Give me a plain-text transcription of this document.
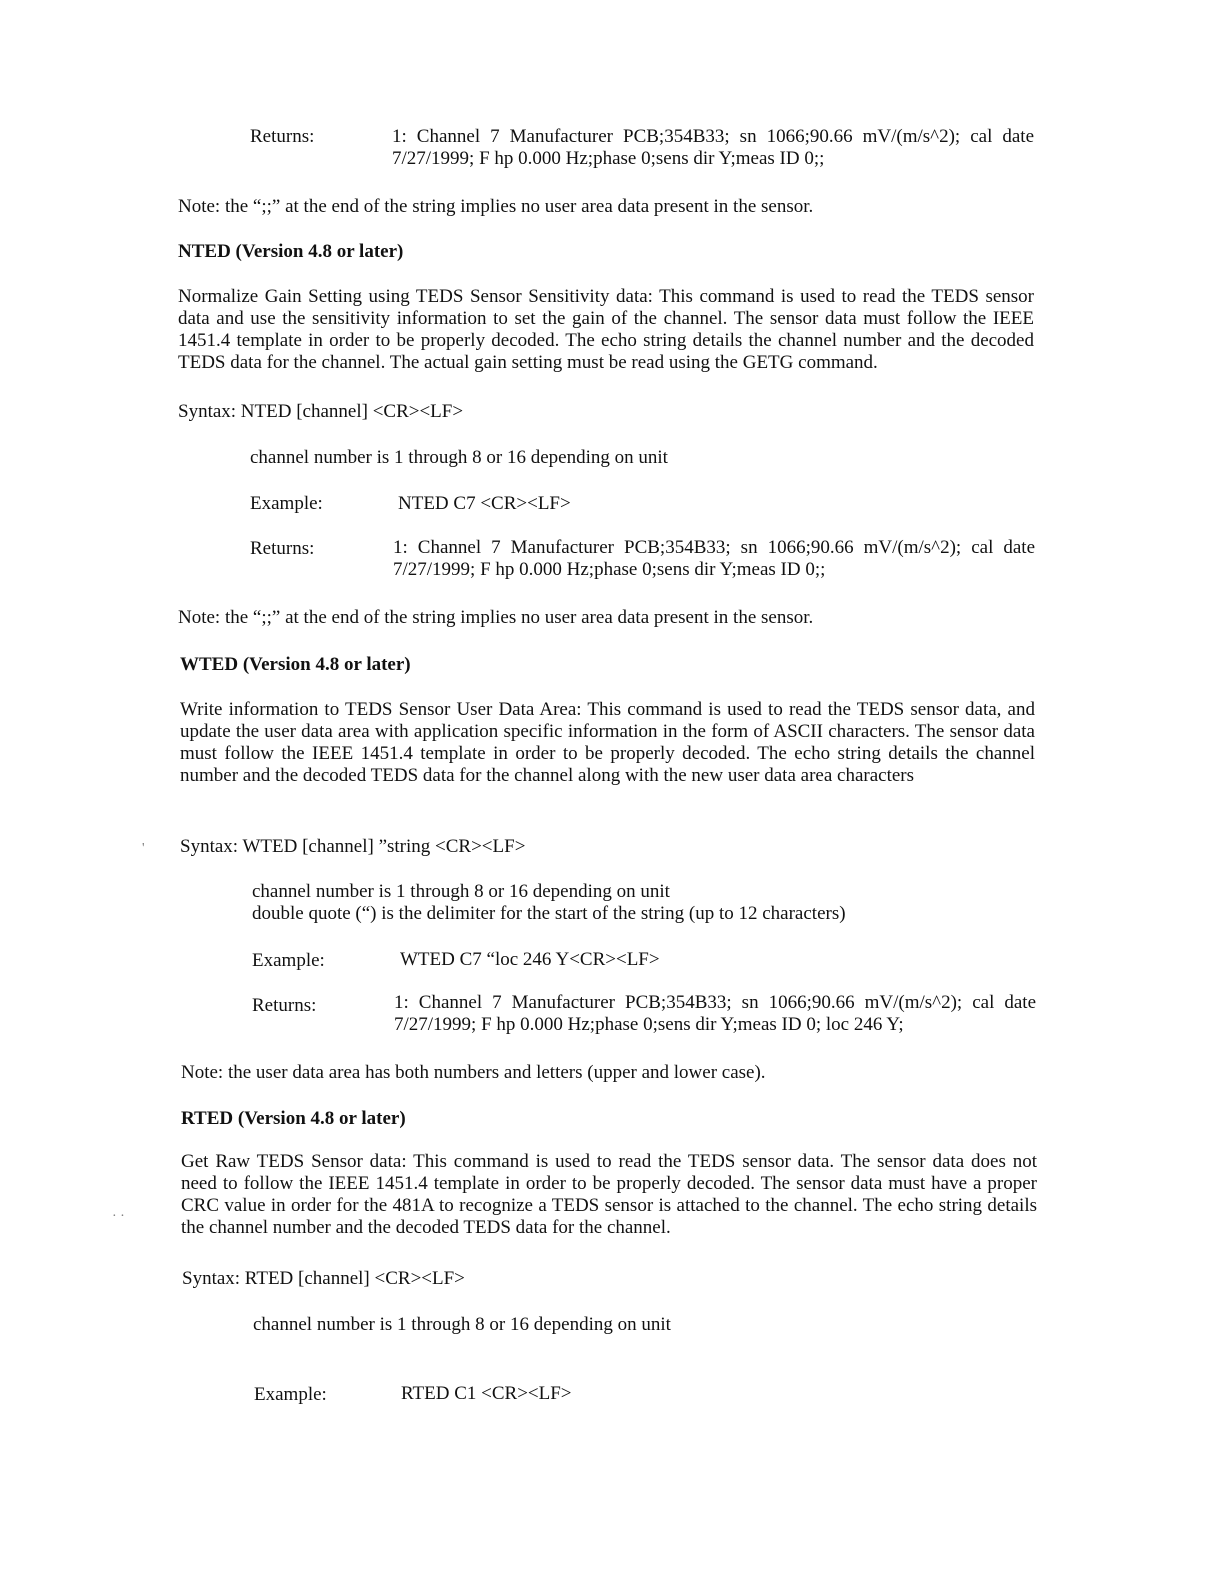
Returns:	1: Channel 7 Manufacturer PCB;354B33; sn 1066;90.66 mV/(m/s^2); cal date 7/27/1999; F hp 0.000 Hz;phase 0;sens dir Y;meas ID 0;;
Note: the “;;” at the end of the string implies no user area data present in the sensor.
NTED (Version 4.8 or later)
Normalize Gain Setting using TEDS Sensor Sensitivity data: This command is used to read the TEDS sensor data and use the sensitivity information to set the gain of the channel. The sensor data must follow the IEEE 1451.4 template in order to be properly decoded. The echo string details the channel number and the decoded TEDS data for the channel. The actual gain setting must be read using the GETG command.
Syntax: NTED [channel] <CR><LF>
channel number is 1 through 8 or 16 depending on unit
Example:	NTED C7 <CR><LF>
Returns:	1: Channel 7 Manufacturer PCB;354B33; sn 1066;90.66 mV/(m/s^2); cal date 7/27/1999; F hp 0.000 Hz;phase 0;sens dir Y;meas ID 0;;
Note: the “;;” at the end of the string implies no user area data present in the sensor.
WTED (Version 4.8 or later)
Write information to TEDS Sensor User Data Area: This command is used to read the TEDS sensor data, and update the user data area with application specific information in the form of ASCII characters. The sensor data must follow the IEEE 1451.4 template in order to be properly decoded. The echo string details the channel number and the decoded TEDS data for the channel along with the new user data area characters
' Syntax: WTED [channel] ”string <CR><LF>
channel number is 1 through 8 or 16 depending on unit
double quote (“) is the delimiter for the start of the string (up to 12 characters)
Example:	WTED C7 “loc 246 Y<CR><LF>
Returns:	1: Channel 7 Manufacturer PCB;354B33; sn 1066;90.66 mV/(m/s^2); cal date 7/27/1999; F hp 0.000 Hz;phase 0;sens dir Y;meas ID 0; loc 246 Y;
Note: the user data area has both numbers and letters (upper and lower case).
RTED (Version 4.8 or later)
Get Raw TEDS Sensor data: This command is used to read the TEDS sensor data. The sensor data does not need to follow the IEEE 1451.4 template in order to be properly decoded. The sensor data must have a proper CRC value in order for the 481A to recognize a TEDS sensor is attached to the channel. The echo string details the channel number and the decoded TEDS data for the channel.
· ·
Syntax: RTED [channel] <CR><LF>
channel number is 1 through 8 or 16 depending on unit
Example:	RTED C1 <CR><LF>
